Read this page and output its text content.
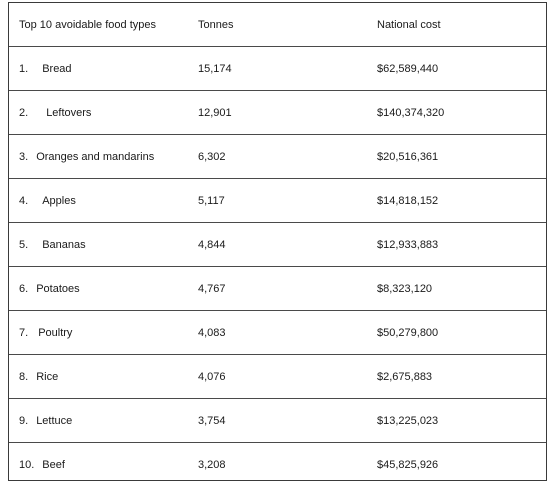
Top 10 avoidable food types	Tonnes	National cost
1. Bread	15,174	$62,589,440
2. Leftovers	12,901	$140,374,320
3. Oranges and mandarins	6,302	$20,516,361
4. Apples	5,117	$14,818,152
5. Bananas	4,844	$12,933,883
6. Potatoes	4,767	$8,323,120
7. Poultry	4,083	$50,279,800
8. Rice	4,076	$2,675,883
9. Lettuce	3,754	$13,225,023
10. Beef	3,208	$45,825,926
